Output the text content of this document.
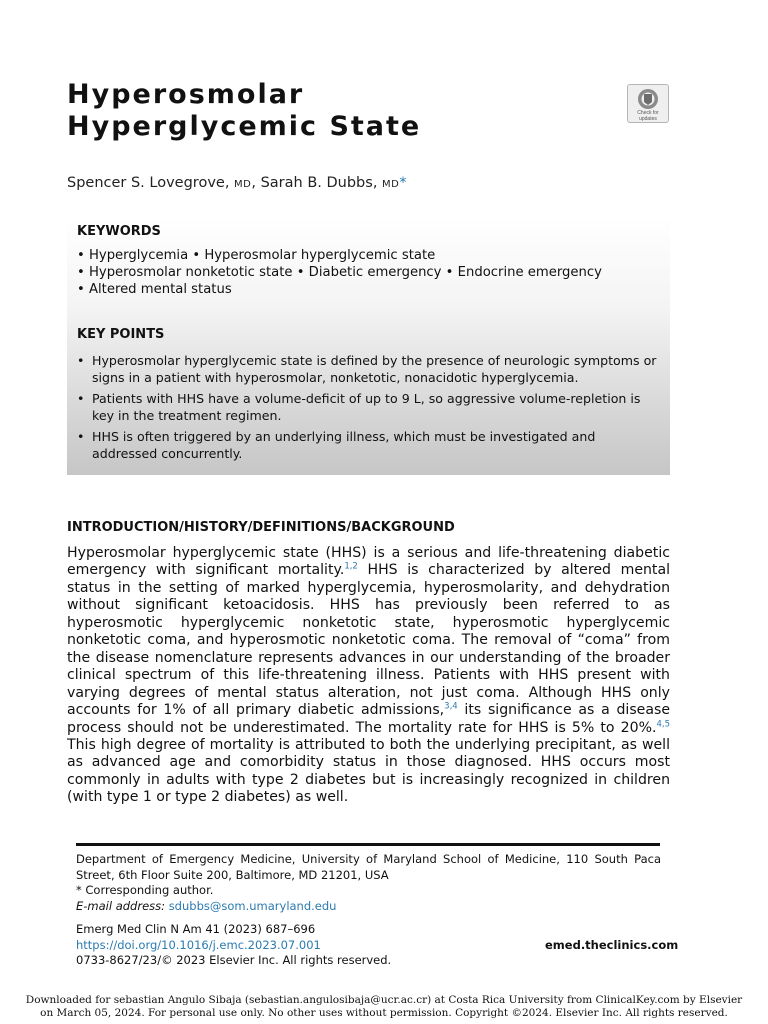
Hyperosmolar
Hyperglycemic State	Check for updates
Spencer S. Lovegrove, MD, Sarah B. Dubbs, MD*
KEYWORDS
• Hyperglycemia • Hyperosmolar hyperglycemic state
• Hyperosmolar nonketotic state • Diabetic emergency • Endocrine emergency
• Altered mental status
KEY POINTS
• Hyperosmolar hyperglycemic state is defined by the presence of neurologic symptoms or signs in a patient with hyperosmolar, nonketotic, nonacidotic hyperglycemia.
• Patients with HHS have a volume-deficit of up to 9 L, so aggressive volume-repletion is key in the treatment regimen.
• HHS is often triggered by an underlying illness, which must be investigated and addressed concurrently.
INTRODUCTION/HISTORY/DEFINITIONS/BACKGROUND

Hyperosmolar hyperglycemic state (HHS) is a serious and life-threatening diabetic emergency with significant mortality.$^{1,2}$ HHS is characterized by altered mental status in the setting of marked hyperglycemia, hyperosmolarity, and dehydration without significant ketoacidosis. HHS has previously been referred to as hyperosmotic hyperglycemic nonketotic state, hyperosmotic hyperglycemic nonketotic coma, and hyperosmotic nonketotic coma. The removal of “coma” from the disease nomenclature represents advances in our understanding of the broader clinical spectrum of this life-threatening illness. Patients with HHS present with varying degrees of mental status alteration, not just coma. Although HHS only accounts for 1% of all primary diabetic admissions,$^{3,4}$ its significance as a disease process should not be underestimated. The mortality rate for HHS is 5% to 20%.$^{4,5}$ This high degree of mortality is attributed to both the underlying precipitant, as well as advanced age and comorbidity status in those diagnosed. HHS occurs most commonly in adults with type 2 diabetes but is increasingly recognized in children (with type 1 or type 2 diabetes) as well.

Department of Emergency Medicine, University of Maryland School of Medicine, 110 South Paca Street, 6th Floor Suite 200, Baltimore, MD 21201, USA
* Corresponding author.
E-mail address: sdubbs@som.umaryland.edu
Emerg Med Clin N Am 41 (2023) 687–696
https://doi.org/10.1016/j.emc.2023.07.001
0733-8627/23/© 2023 Elsevier Inc. All rights reserved.
emed.theclinics.com
Downloaded for sebastian Angulo Sibaja (sebastian.angulosibaja@ucr.ac.cr) at Costa Rica University from ClinicalKey.com by Elsevier
on March 05, 2024. For personal use only. No other uses without permission. Copyright ©2024. Elsevier Inc. All rights reserved.
